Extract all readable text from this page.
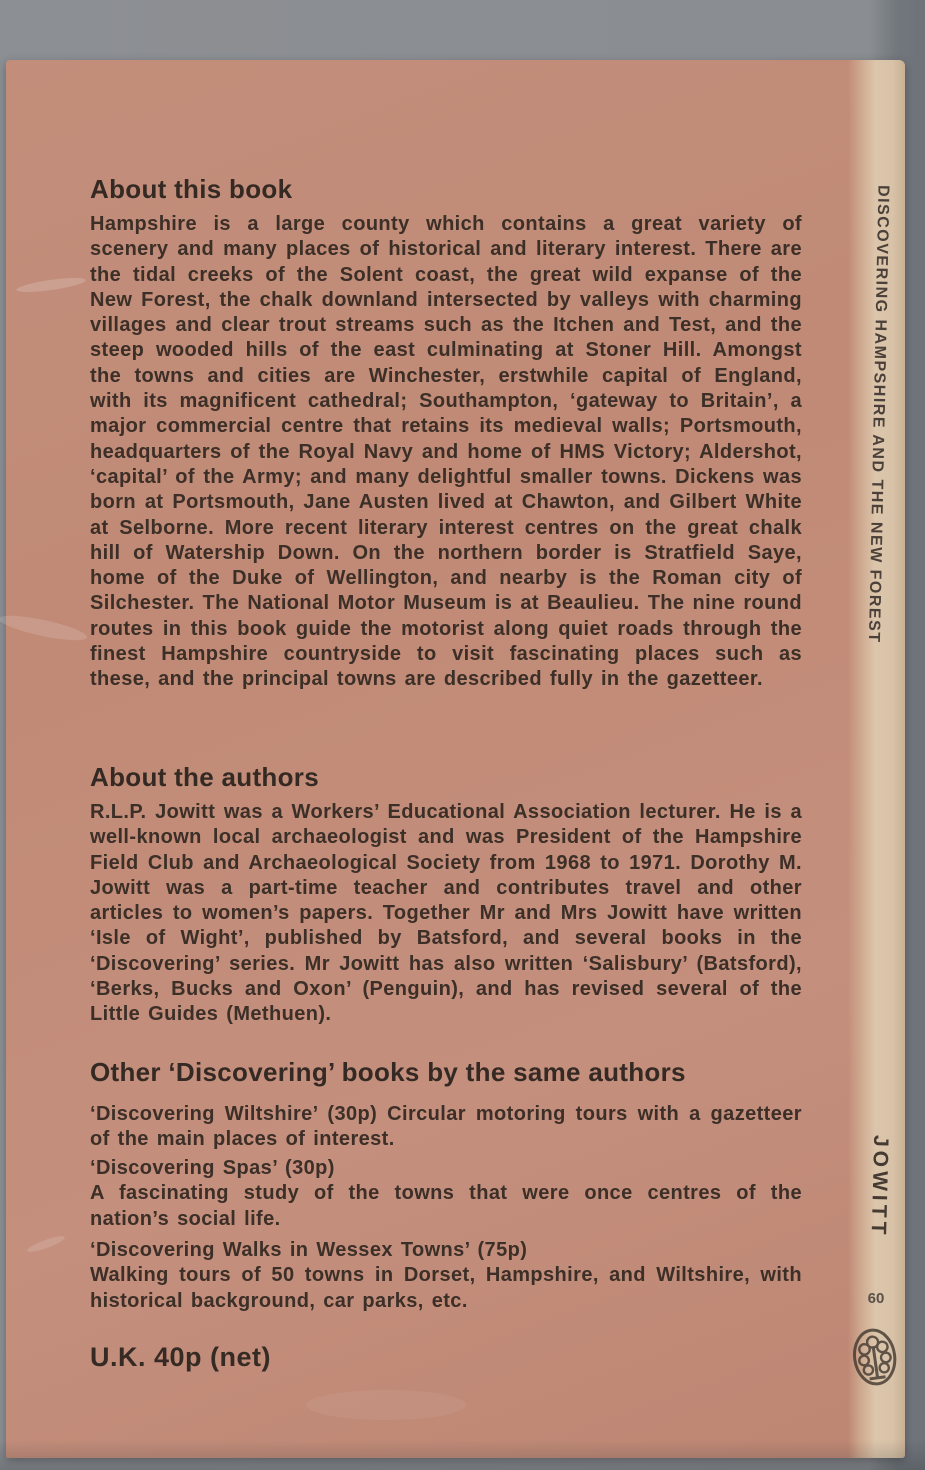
About this book

Hampshire is a large county which contains a great variety of scenery and many places of historical and literary interest. There are the tidal creeks of the Solent coast, the great wild expanse of the New Forest, the chalk downland intersected by valleys with charming villages and clear trout streams such as the Itchen and Test, and the steep wooded hills of the east culminating at Stoner Hill. Amongst the towns and cities are Winchester, erstwhile capital of England, with its magnificent cathedral; Southampton, ‘gateway to Britain’, a major commercial centre that retains its medieval walls; Portsmouth, headquarters of the Royal Navy and home of HMS Victory; Aldershot, ‘capital’ of the Army; and many delightful smaller towns. Dickens was born at Portsmouth, Jane Austen lived at Chawton, and Gilbert White at Selborne. More recent literary interest centres on the great chalk hill of Watership Down. On the northern border is Stratfield Saye, home of the Duke of Wellington, and nearby is the Roman city of Silchester. The National Motor Museum is at Beaulieu. The nine round routes in this book guide the motorist along quiet roads through the finest Hampshire countryside to visit fascinating places such as these, and the principal towns are described fully in the gazetteer.

About the authors

R.L.P. Jowitt was a Workers’ Educational Association lecturer. He is a well-known local archaeologist and was President of the Hampshire Field Club and Archaeological Society from 1968 to 1971. Dorothy M. Jowitt was a part-time teacher and contributes travel and other articles to women’s papers. Together Mr and Mrs Jowitt have written ‘Isle of Wight’, published by Batsford, and several books in the ‘Discovering’ series. Mr Jowitt has also written ‘Salisbury’ (Batsford), ‘Berks, Bucks and Oxon’ (Penguin), and has revised several of the Little Guides (Methuen).

Other ‘Discovering’ books by the same authors

‘Discovering Wiltshire’ (30p) Circular motoring tours with a gazetteer of the main places of interest.

‘Discovering Spas’ (30p)
A fascinating study of the towns that were once centres of the nation’s social life.

‘Discovering Walks in Wessex Towns’ (75p)
Walking tours of 50 towns in Dorset, Hampshire, and Wiltshire, with historical background, car parks, etc.

U.K. 40p (net)
DISCOVERING HAMPSHIRE AND THE NEW FOREST
JOWITT
60
